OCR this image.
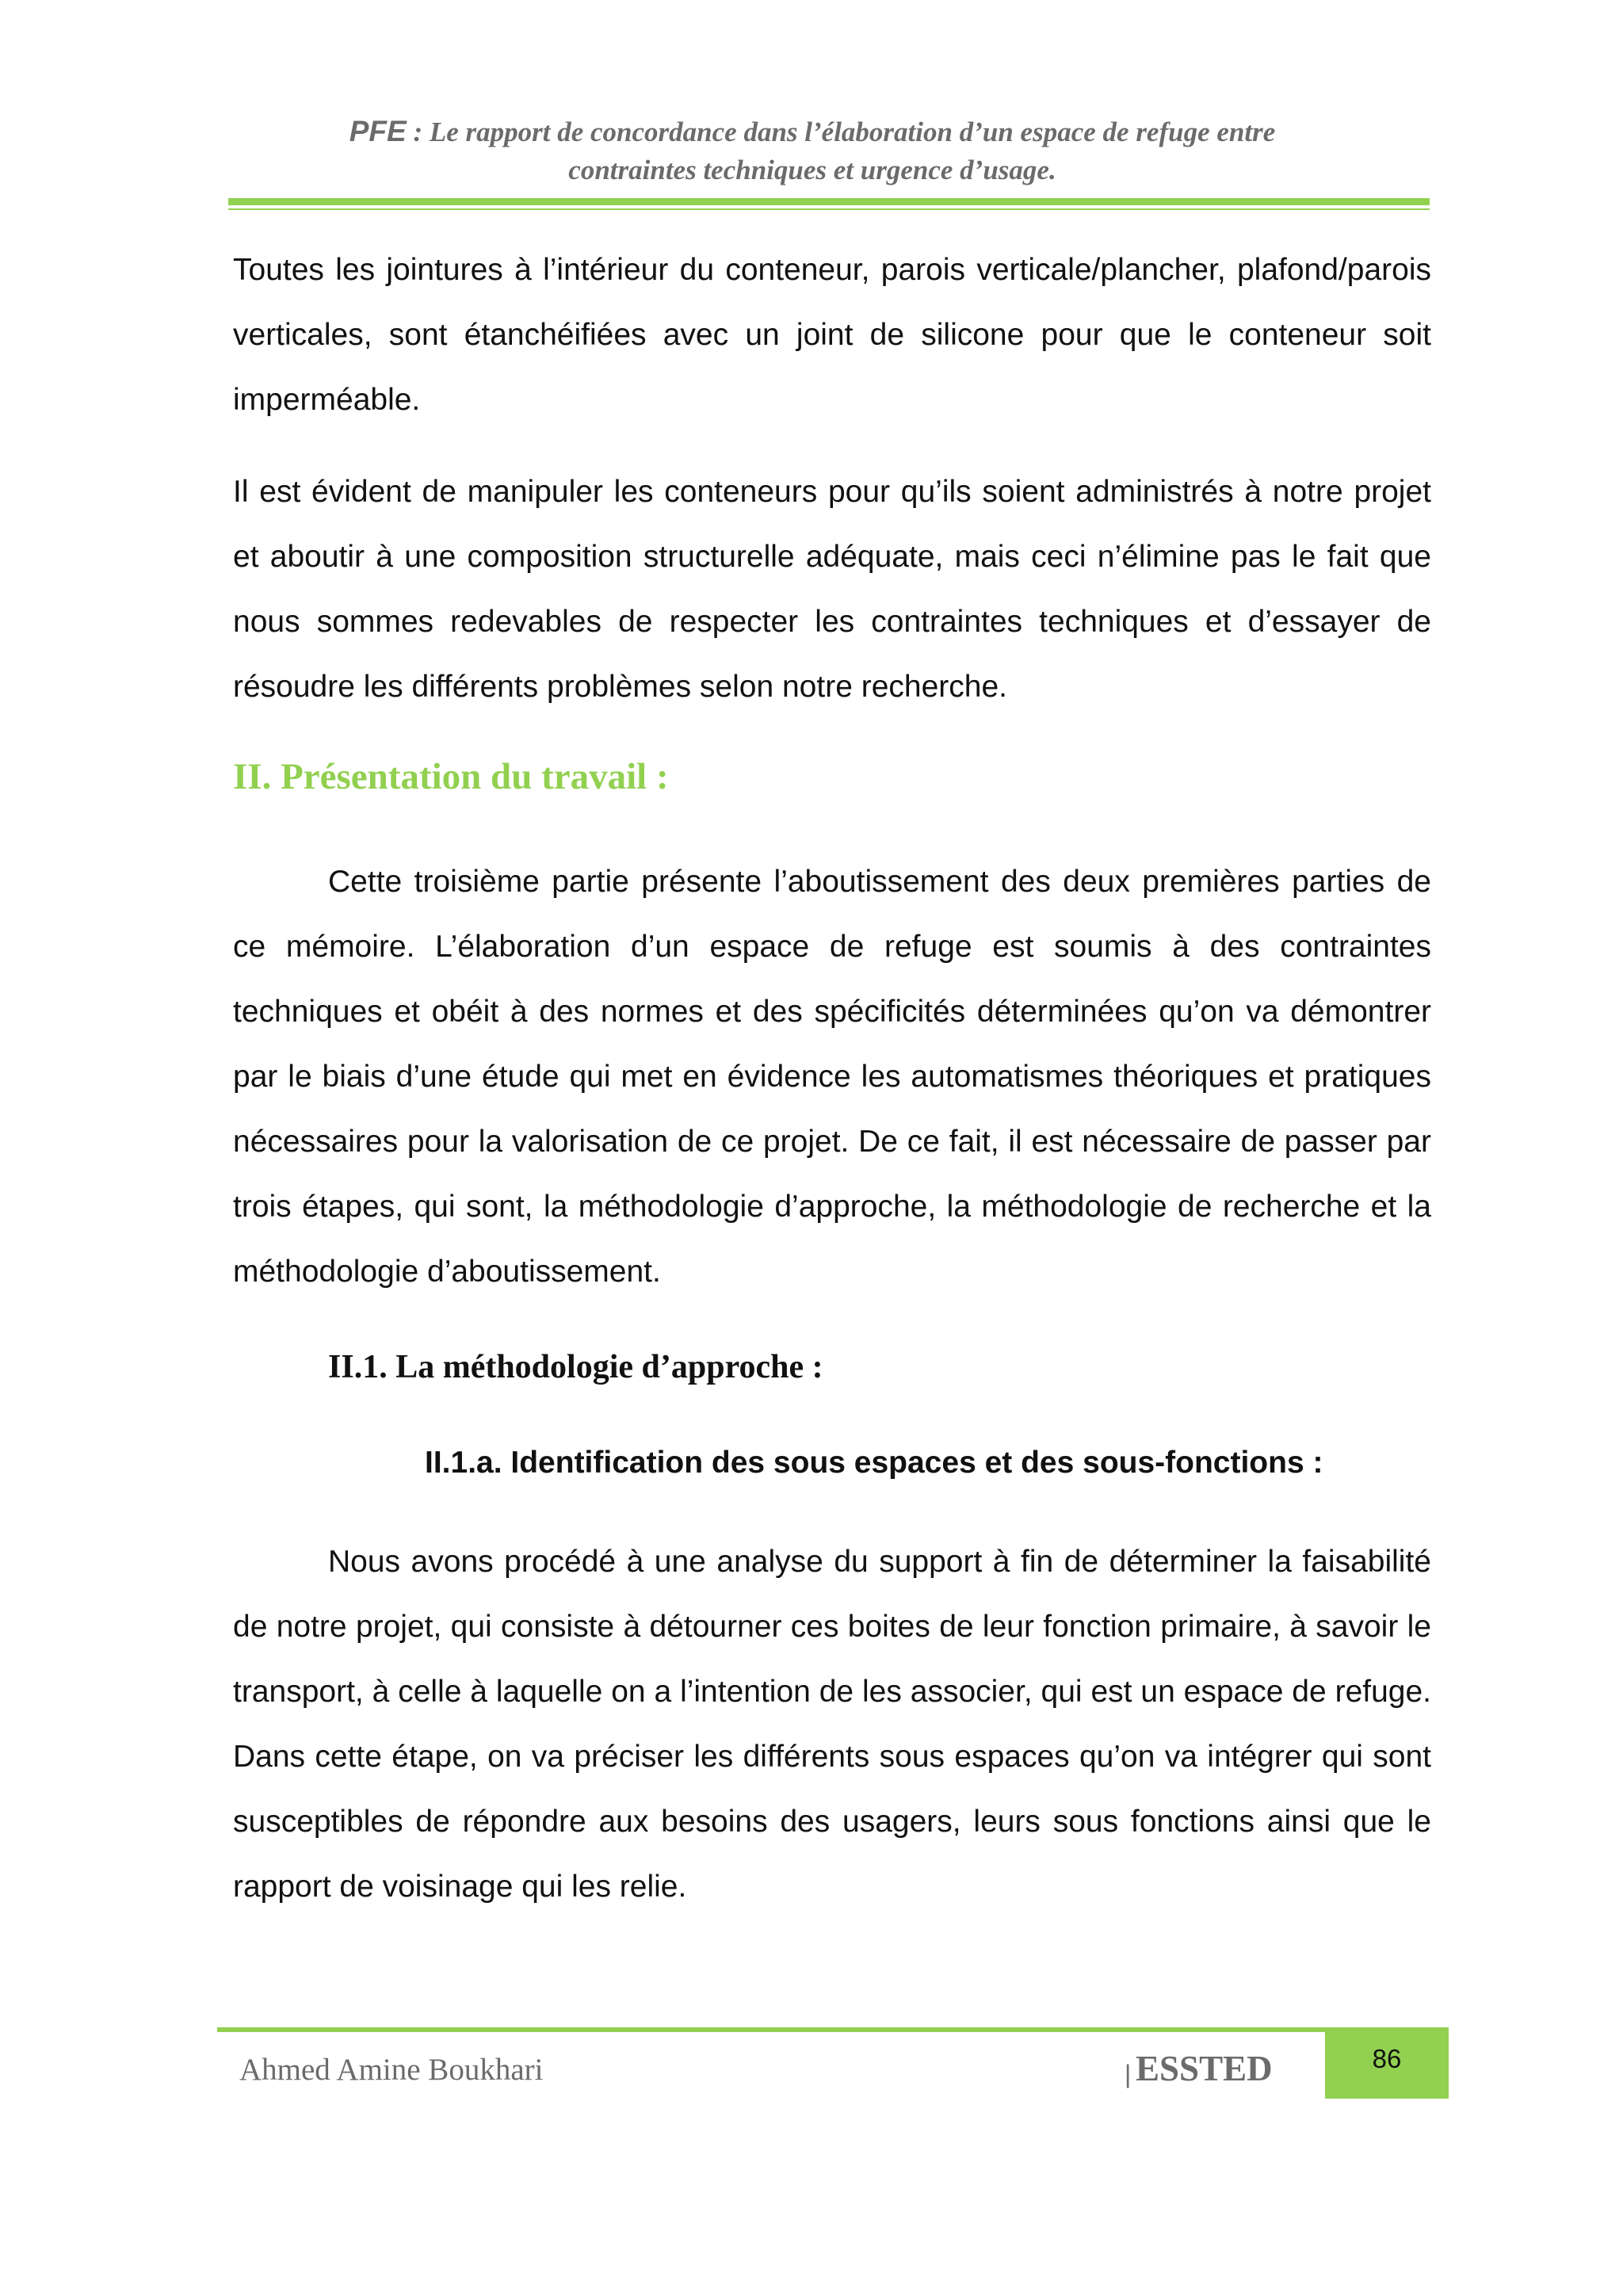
PFE : Le rapport de concordance dans l’élaboration d’un espace de refuge entre
contraintes techniques et urgence d’usage.

Toutes les jointures à l’intérieur du conteneur, parois verticale/plancher, plafond/parois verticales, sont étanchéifiées avec un joint de silicone pour que le conteneur soit imperméable.

Il est évident de manipuler les conteneurs pour qu’ils soient administrés à notre projet et aboutir à une composition structurelle adéquate, mais ceci n’élimine pas le fait que nous sommes redevables de respecter les contraintes techniques et d’essayer de résoudre les différents problèmes selon notre recherche.

II. Présentation du travail :

Cette troisième partie présente l’aboutissement des deux premières parties de ce mémoire. L’élaboration d’un espace de refuge est soumis à des contraintes techniques et obéit à des normes et des spécificités déterminées qu’on va démontrer par le biais d’une étude qui met en évidence les automatismes théoriques et pratiques nécessaires pour la valorisation de ce projet. De ce fait, il est nécessaire de passer par trois étapes, qui sont, la méthodologie d’approche, la méthodologie de recherche et la méthodologie d’aboutissement.

II.1. La méthodologie d’approche :
II.1.a. Identification des sous espaces et des sous-fonctions :

Nous avons procédé à une analyse du support à fin de déterminer la faisabilité de notre projet, qui consiste à détourner ces boites de leur fonction primaire, à savoir le transport, à celle à laquelle on a l’intention de les associer, qui est un espace de refuge. Dans cette étape, on va préciser les différents sous espaces qu’on va intégrer qui sont susceptibles de répondre aux besoins des usagers, leurs sous fonctions ainsi que le rapport de voisinage qui les relie.

Ahmed Amine Boukhari	| ESSTED	86
